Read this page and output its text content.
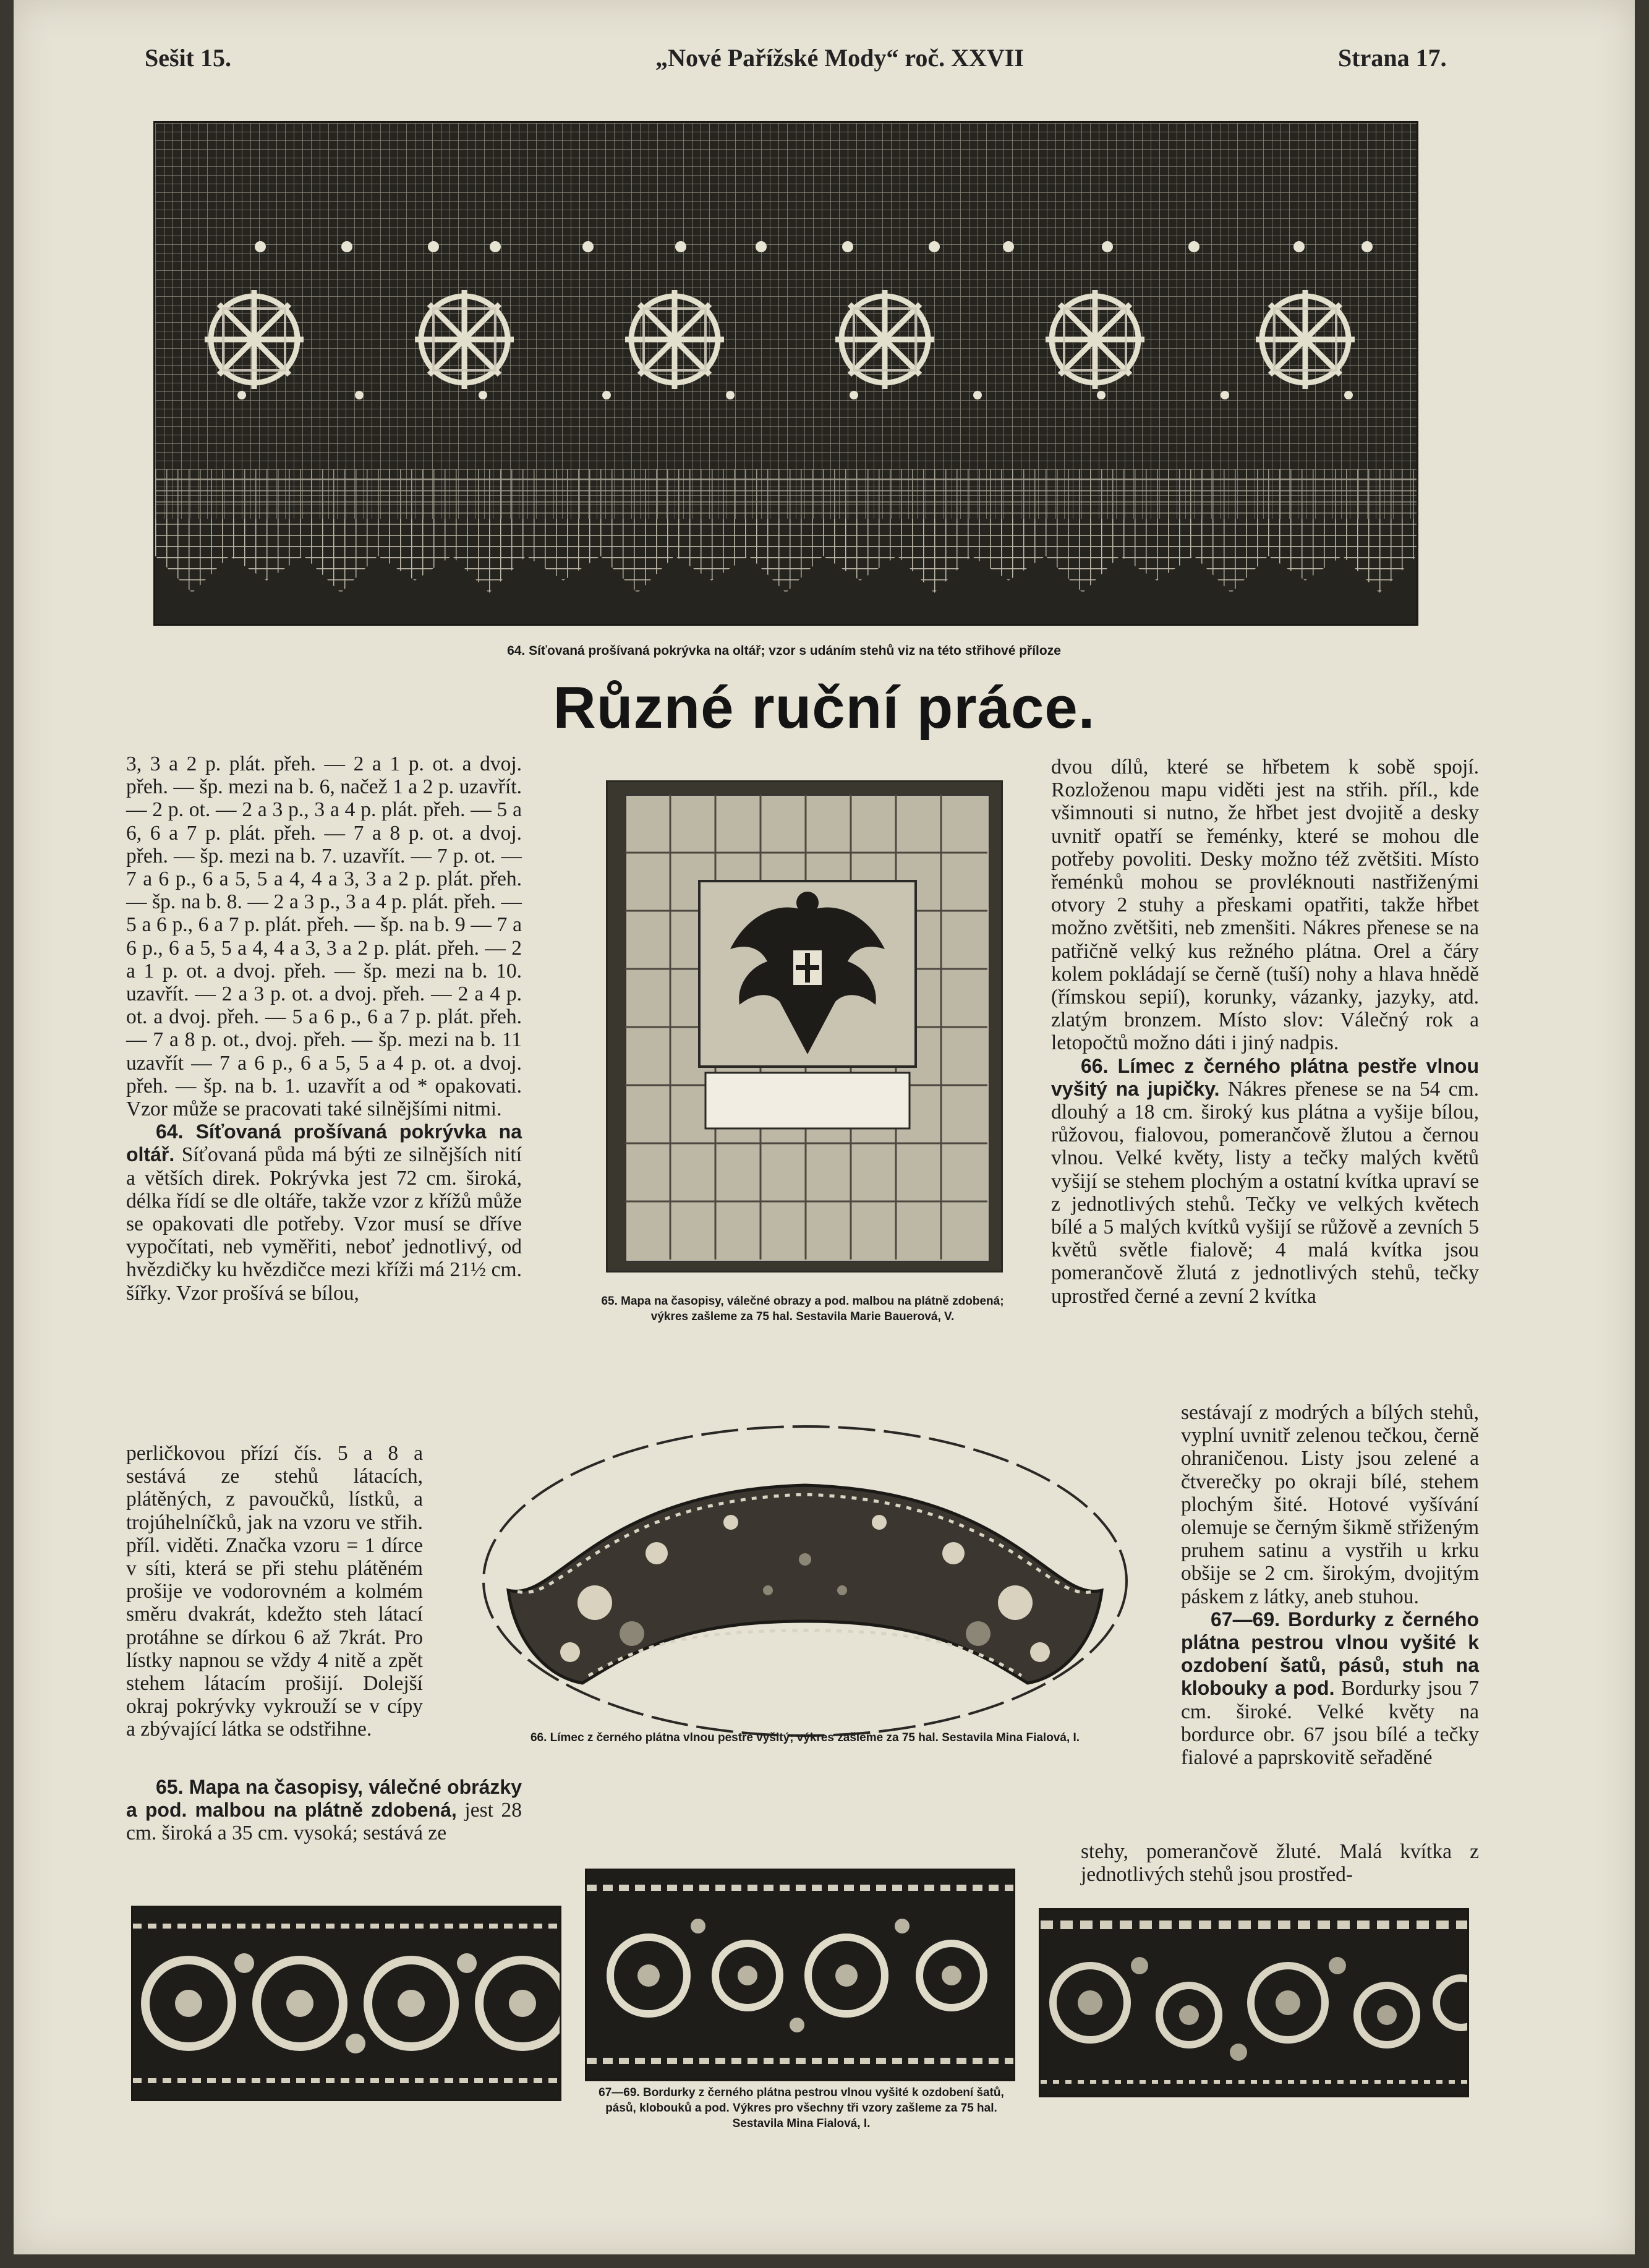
Sešit 15.	„Nové Pařížské Mody“ roč. XXVII	Strana 17.
64. Síťovaná prošívaná pokrývka na oltář; vzor s udáním stehů viz na této střihové příloze
Různé ruční práce.

3, 3 a 2 p. plát. přeh. — 2 a 1 p. ot. a dvoj. přeh. — šp. mezi na b. 6, načež 1 a 2 p. uzavřít. — 2 p. ot. — 2 a 3 p., 3 a 4 p. plát. přeh. — 5 a 6, 6 a 7 p. plát. přeh. — 7 a 8 p. ot. a dvoj. přeh. — šp. mezi na b. 7. uzavřít. — 7 p. ot. — 7 a 6 p., 6 a 5, 5 a 4, 4 a 3, 3 a 2 p. plát. přeh. — šp. na b. 8. — 2 a 3 p., 3 a 4 p. plát. přeh. — 5 a 6 p., 6 a 7 p. plát. přeh. — šp. na b. 9 — 7 a 6 p., 6 a 5, 5 a 4, 4 a 3, 3 a 2 p. plát. přeh. — 2 a 1 p. ot. a dvoj. přeh. — šp. mezi na b. 10. uzavřít. — 2 a 3 p. ot. a dvoj. přeh. — 2 a 4 p. ot. a dvoj. přeh. — 5 a 6 p., 6 a 7 p. plát. přeh. — 7 a 8 p. ot., dvoj. přeh. — šp. mezi na b. 11 uzavřít — 7 a 6 p., 6 a 5, 5 a 4 p. ot. a dvoj. přeh. — šp. na b. 1. uzavřít a od * opakovati. Vzor může se pracovati také silnějšími nitmi.

64. Síťovaná prošívaná pokrývka na oltář. Síťovaná půda má býti ze silnějších nití a větších direk. Pokrývka jest 72 cm. široká, délka řídí se dle oltáře, takže vzor z křížů může se opakovati dle potřeby. Vzor musí se dříve vypočítati, neb vyměřiti, neboť jednotlivý, od hvězdičky ku hvězdičce mezi kříži má 21½ cm. šířky. Vzor prošívá se bílou,

perličkovou přízí čís. 5 a 8 a sestává ze stehů látacích, plátěných, z pavoučků, lístků, a trojúhelníčků, jak na vzoru ve střih. příl. viděti. Značka vzoru = 1 dírce v síti, která se při stehu plátěném prošije ve vodorovném a kolmém směru dvakrát, kdežto steh látací protáhne se dírkou 6 až 7krát. Pro lístky napnou se vždy 4 nitě a zpět stehem látacím prošijí. Dolejší okraj pokrývky vykrouží se v cípy a zbývající látka se odstřihne.

65. Mapa na časopisy, válečné obrázky a pod. malbou na plátně zdobená, jest 28 cm. široká a 35 cm. vysoká; sestává ze

65. Mapa na časopisy, válečné obrazy a pod. malbou na plátně zdobená; výkres zašleme za 75 hal. Sestavila Marie Bauerová, V.
66. Límec z černého plátna vlnou pestře vyšitý; výkres zašleme za 75 hal. Sestavila Mina Fialová, I.

dvou dílů, které se hřbetem k sobě spojí. Rozloženou mapu viděti jest na střih. příl., kde všimnouti si nutno, že hřbet jest dvojitě a desky uvnitř opatří se řeménky, které se mohou dle potřeby povoliti. Desky možno též zvětšiti. Místo řeménků mohou se provléknouti nastřiženými otvory 2 stuhy a přeskami opatřiti, takže hřbet možno zvětšiti, neb zmenšiti. Nákres přenese se na patřičně velký kus režného plátna. Orel a čáry kolem pokládají se černě (tuší) nohy a hlava hnědě (římskou sepií), korunky, vázanky, jazyky, atd. zlatým bronzem. Místo slov: Válečný rok a letopočtů možno dáti i jiný nadpis.

66. Límec z černého plátna pestře vlnou vyšitý na jupičky. Nákres přenese se na 54 cm. dlouhý a 18 cm. široký kus plátna a vyšije bílou, růžovou, fialovou, pomerančově žlutou a černou vlnou. Velké květy, listy a tečky malých květů vyšijí se stehem plochým a ostatní kvítka upraví se z jednotlivých stehů. Tečky ve velkých květech bílé a 5 malých kvítků vyšijí se růžově a zevních 5 květů světle fialově; 4 malá kvítka jsou pomerančově žlutá z jednotlivých stehů, tečky uprostřed černé a zevní 2 kvítka

sestávají z modrých a bílých stehů, vyplní uvnitř zelenou tečkou, černě ohraničenou. Listy jsou zelené a čtverečky po okraji bílé, stehem plochým šité. Hotové vyšívání olemuje se černým šikmě střiženým pruhem satinu a vystřih u krku obšije se 2 cm. širokým, dvojitým páskem z látky, aneb stuhou.

67—69. Bordurky z černého plátna pestrou vlnou vyšité k ozdobení šatů, pásů, stuh na klobouky a pod. Bordurky jsou 7 cm. široké. Velké květy na bordurce obr. 67 jsou bílé a tečky fialové a paprskovitě seřaděné

stehy, pomerančově žluté. Malá kvítka z jednotlivých stehů jsou prostřed-

67—69. Bordurky z černého plátna pestrou vlnou vyšité k ozdobení šatů, pásů, klobouků a pod. Výkres pro všechny tři vzory zašleme za 75 hal. Sestavila Mina Fialová, I.
